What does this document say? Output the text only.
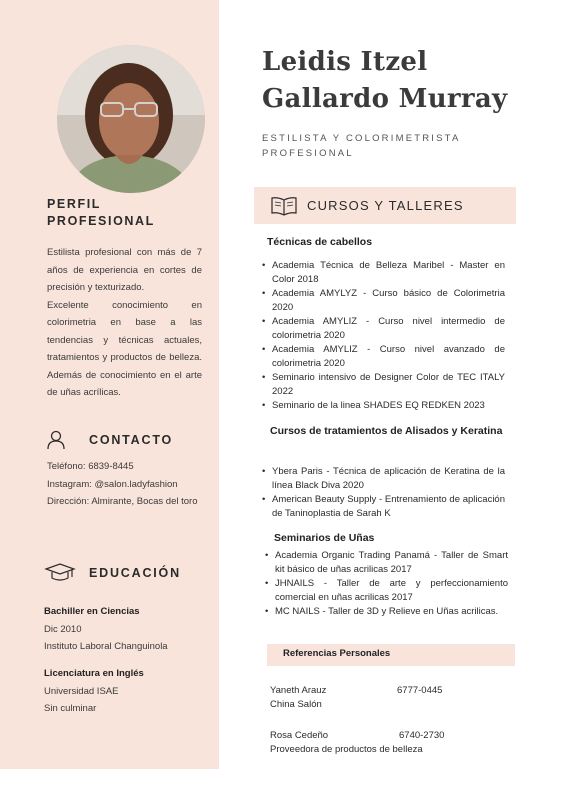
PERFIL
PROFESIONAL
Estilista profesional con más de 7 años de experiencia en cortes de precisión y texturizado.
Excelente conocimiento en colorimetria en base a las tendencias y técnicas actuales, tratamientos y productos de belleza. Además de conocimiento en el arte de uñas acrílicas.
CONTACTO
Teléfono: 6839-8445
Instagram: @salon.ladyfashion
Dirección: Almirante, Bocas del toro
EDUCACIÓN
Bachiller en Ciencias
Dic 2010
Instituto Laboral Changuinola
Licenciatura en Inglés
Universidad ISAE
Sin culminar
Leidis Itzel
Gallardo Murray
ESTILISTA Y COLORIMETRISTA PROFESIONAL
CURSOS Y TALLERES
Técnicas de cabellos
• Academia Técnica de Belleza Maribel - Master en Color 2018
• Academia AMYLYZ - Curso básico de Colorimetria 2020
• Academia AMYLIZ - Curso nivel intermedio de colorimetria 2020
• Academia AMYLIZ - Curso nivel avanzado de colorimetria 2020
• Seminario intensivo de Designer Color de TEC ITALY 2022
• Seminario de la linea SHADES EQ REDKEN 2023
Cursos de tratamientos de Alisados y Keratina
• Ybera Paris - Técnica de aplicación de Keratina de la línea Black Diva 2020
• American Beauty Supply - Entrenamiento de aplicación de Taninoplastia de Sarah K
Seminarios de Uñas
• Academia Organic Trading Panamá - Taller de Smart kit básico de uñas acrilicas 2017
• JHNAILS - Taller de arte y perfeccionamiento comercial en uñas acrilicas 2017
• MC NAILS - Taller de 3D y Relieve en Uñas acrilicas.
Referencias Personales
Yaneth Arauz	6777-0445
China Salón
Rosa Cedeño	6740-2730
Proveedora de productos de belleza
